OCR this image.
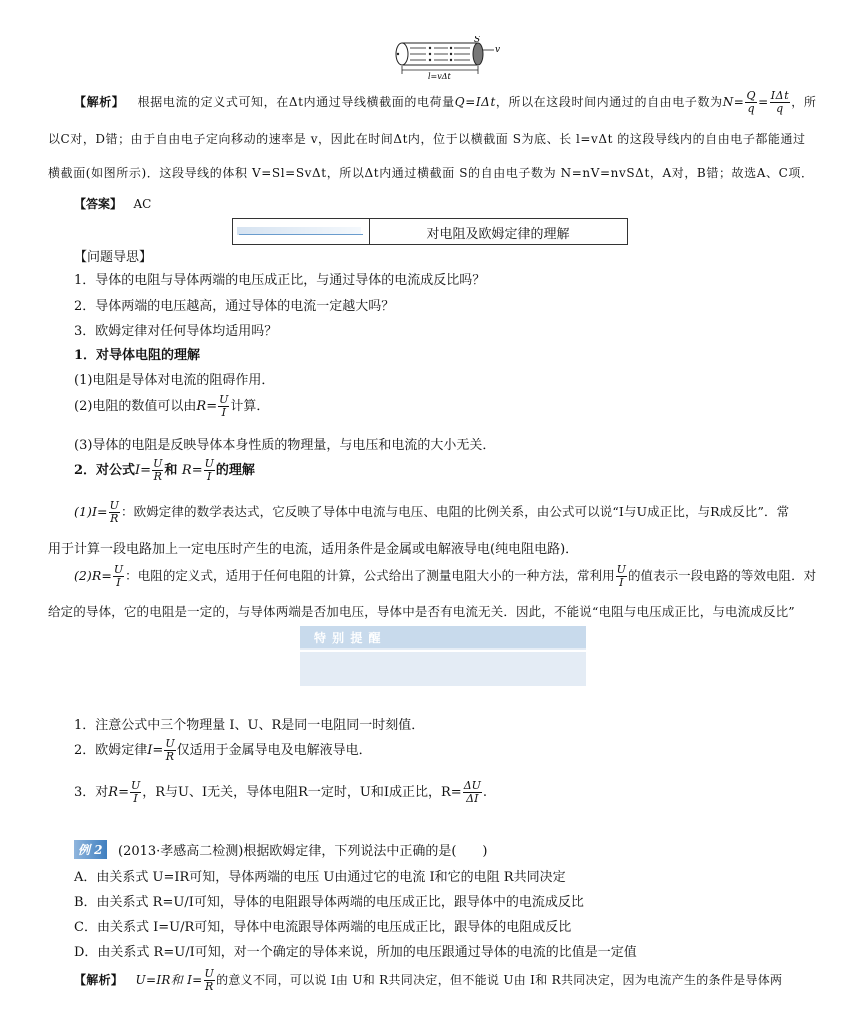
S
v
l=vΔt
【解析】 根据电流的定义式可知，在Δt内通过导线横截面的电荷量Q=IΔt，所以在这段时间内通过的自由电子数为$N= \frac{Q}{q} = \frac{\text{IΔt}}{q}$ ，所
以C对，D错；由于自由电子定向移动的速率是 v，因此在时间Δt内，位于以横截面 S为底、长 l=vΔt 的这段导线内的自由电子都能通过
横截面(如图所示)．这段导线的体积 V=Sl=SvΔt，所以Δt内通过横截面 S的自由电子数为 N=nV=nvSΔt，A对，B错；故选A、C项．
【答案】 AC
对电阻及欧姆定律的理解
【问题导思】
1．导体的电阻与导体两端的电压成正比，与通过导体的电流成反比吗？
2．导体两端的电压越高，通过导体的电流一定越大吗？
3．欧姆定律对任何导体均适用吗？
1．对导体电阻的理解
(1)电阻是导体对电流的阻碍作用．
(2)电阻的数值可以由$R= \frac{U}{I}$ 计算．
(3)导体的电阻是反映导体本身性质的物理量，与电压和电流的大小无关．
2．对公式$I= \frac{U}{R}$ 和 $R= \frac{U}{I}$ 的理解
$(1)I= \frac{U}{R}$ ：欧姆定律的数学表达式，它反映了导体中电流与电压、电阻的比例关系，由公式可以说“I与U成正比，与R成反比”．常
用于计算一段电路加上一定电压时产生的电流，适用条件是金属或电解液导电(纯电阻电路)．
$(2)R= \frac{U}{I}$ ：电阻的定义式，适用于任何电阻的计算，公式给出了测量电阻大小的一种方法，常利用 $\frac{U}{I}$ 的值表示一段电路的等效电阻．对
给定的导体，它的电阻是一定的，与导体两端是否加电压，导体中是否有电流无关．因此，不能说“电阻与电压成正比，与电流成反比”
特 别 提 醒
1．注意公式中三个物理量 I、U、R是同一电阻同一时刻值．
2．欧姆定律$I= \frac{U}{R}$ 仅适用于金属导电及电解液导电．
3．对$R= \frac{U}{I}$ ，R与U、I无关，导体电阻R一定时，U和I成正比，$R= \frac{\Delta U}{\Delta I}$ .
例 2	(2013·孝感高二检测)根据欧姆定律，下列说法中正确的是(　　)
A．由关系式 U=IR可知，导体两端的电压 U由通过它的电流 I和它的电阻 R共同决定
B．由关系式 R=U/I可知，导体的电阻跟导体两端的电压成正比，跟导体中的电流成反比
C．由关系式 I=U/R可知，导体中电流跟导体两端的电压成正比，跟导体的电阻成反比
D．由关系式 R=U/I可知，对一个确定的导体来说，所加的电压跟通过导体的电流的比值是一定值
【解析】 U=IR和 $I= \frac{U}{R}$ 的意义不同，可以说 I由 U和 R共同决定，但不能说 U由 I和 R共同决定，因为电流产生的条件是导体两
